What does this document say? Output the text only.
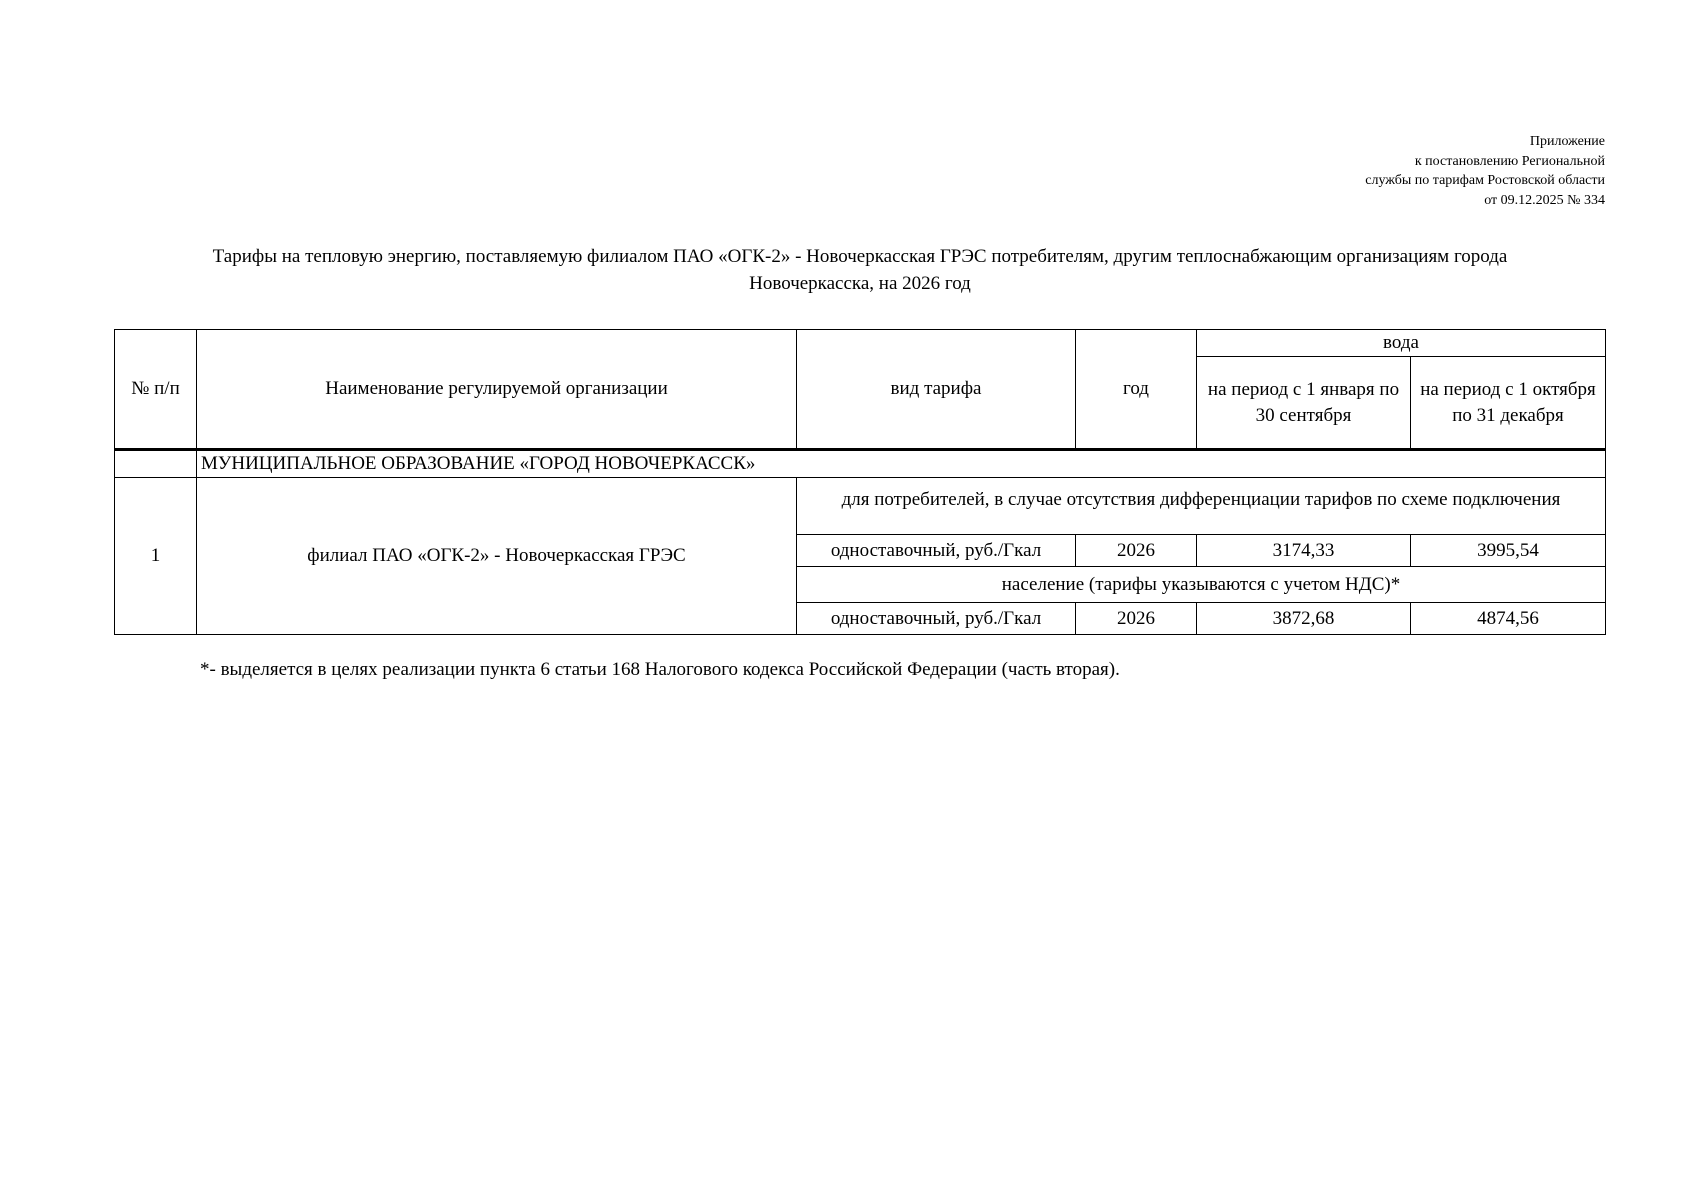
Приложение
к постановлению Региональной
службы по тарифам Ростовской области
от 09.12.2025 № 334
Тарифы на тепловую энергию, поставляемую филиалом ПАО «ОГК-2» - Новочеркасская ГРЭС потребителям, другим теплоснабжающим организациям города
Новочеркасска, на 2026 год
№ п/п	Наименование регулируемой организации	вид тарифа	год	вода	
				на период с 1 января по 30 сентября	на период с 1 октября по 31 декабря
	МУНИЦИПАЛЬНОЕ ОБРАЗОВАНИЕ «ГОРОД НОВОЧЕРКАССК»				
1	филиал ПАО «ОГК-2» - Новочеркасская ГРЭС	для потребителей, в случае отсутствия дифференциации тарифов по схеме подключения			
		одноставочный, руб./Гкал	2026	3174,33	3995,54
		население (тарифы указываются с учетом НДС)*			
		одноставочный, руб./Гкал	2026	3872,68	4874,56
*- выделяется в целях реализации пункта 6 статьи 168 Налогового кодекса Российской Федерации (часть вторая).
